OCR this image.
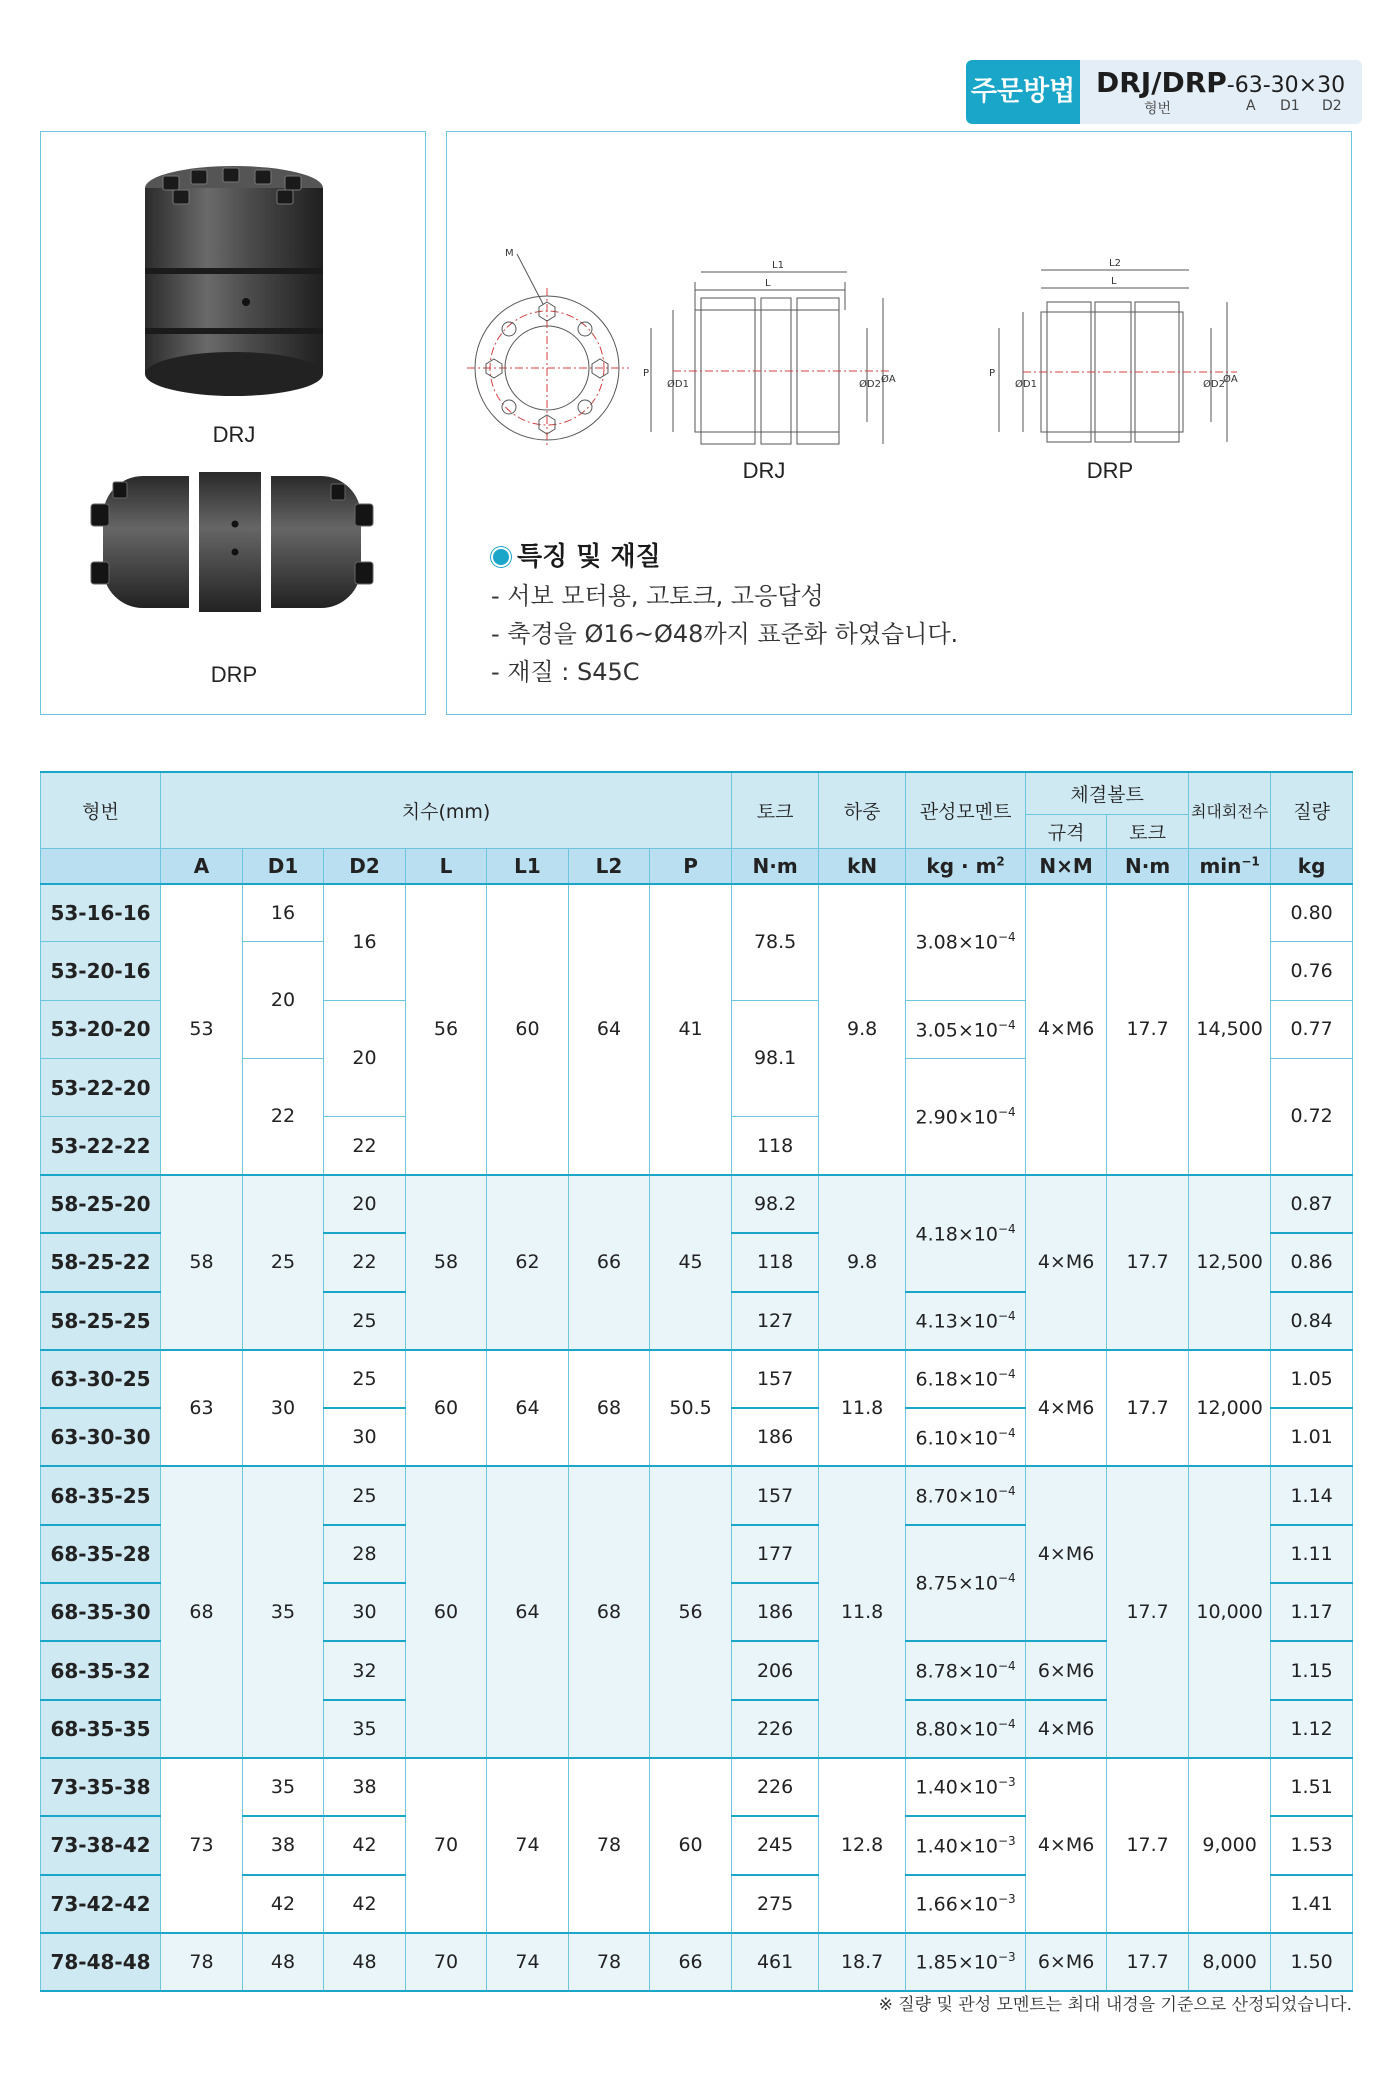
주문방법 DRJ/DRP-63-30×30
형번	A D1 D2
DRJ
DRP
M
L1
L
P
ØD1	ØD2 ØA
L2
L
P
ØD1	ØD2
ØA
DRJ	DRP
특징 및 재질
- 서보 모터용, 고토크, 고응답성
- 축경을 Ø16~Ø48까지 표준화 하였습니다.
- 재질 : S45C
형번	치수(mm)							토크	하중	관성모멘트	체결볼트		최대회전수	질량
											규격	토크		
	A	D1	D2	L	L1	L2	P	N·m	kN	kg · $m^2$	N×M	N·m	$\min^{-1}$	kg
53-16-16	53	16	16	56	60	64	41	78.5	9.8	$3.08\times 10^{-4}$	4×M6	17.7	14,500	0.80
53-20-16		20												0.76
53-20-20			20					98.1		$3.05\times 10^{-4}$				0.77
53-22-20		22								$2.90\times 10^{-4}$				0.72
53-22-22			22					118						
58-25-20	58	25	20	58	62	66	45	98.2	9.8	$4.18\times 10^{-4}$	4×M6	17.7	12,500	0.87
58-25-22			22					118						0.86
58-25-25			25					127		$4.13\times 10^{-4}$				0.84
63-30-25	63	30	25	60	64	68	50.5	157	11.8	$6.18\times 10^{-4}$	4×M6	17.7	12,000	1.05
63-30-30			30					186		$6.10\times 10^{-4}$				1.01
68-35-25	68	35	25	60	64	68	56	157	11.8	$8.70\times 10^{-4}$	4×M6	17.7	10,000	1.14
68-35-28			28					177		$8.75\times 10^{-4}$				1.11
68-35-30			30					186						1.17
68-35-32			32					206		$8.78\times 10^{-4}$	6×M6			1.15
68-35-35			35					226		$8.80\times 10^{-4}$	4×M6			1.12
73-35-38	73	35	38	70	74	78	60	226	12.8	$1.40\times 10^{-3}$	4×M6	17.7	9,000	1.51
73-38-42		38	42					245		$1.40\times 10^{-3}$				1.53
73-42-42		42	42					275		$1.66\times 10^{-3}$				1.41
78-48-48	78	48	48	70	74	78	66	461	18.7	$1.85\times 10^{-3}$	6×M6	17.7	8,000	1.50
※ 질량 및 관성 모멘트는 최대 내경을 기준으로 산정되었습니다.
